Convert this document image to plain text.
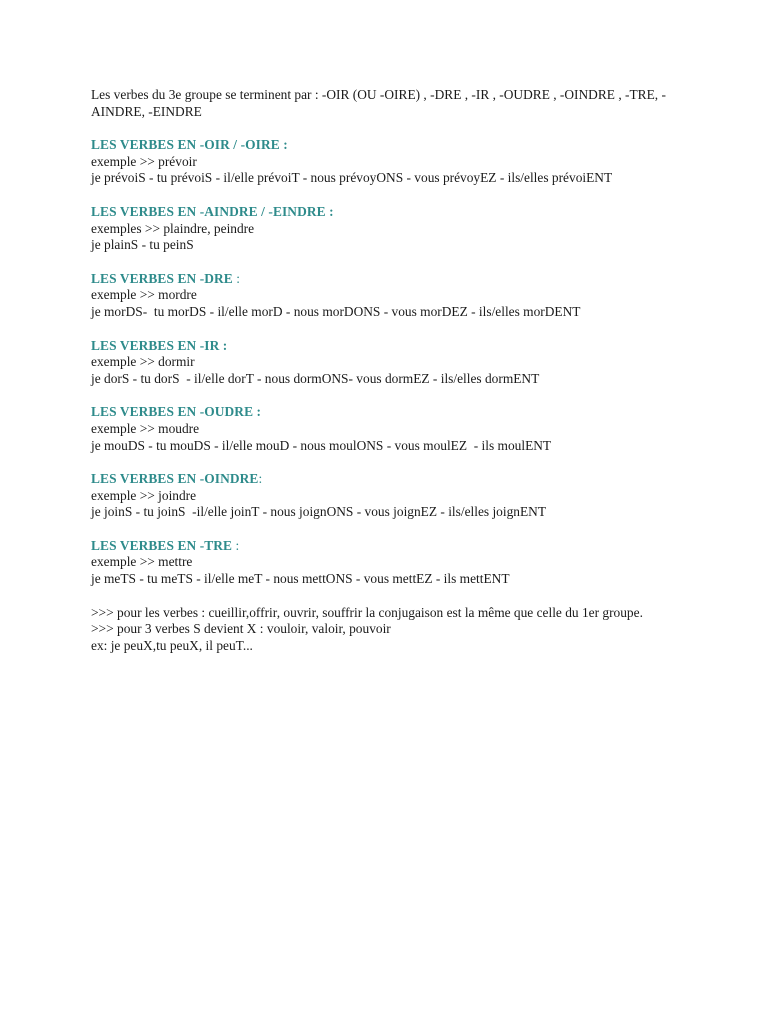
Les verbes du 3e groupe se terminent par : -OIR (OU -OIRE) , -DRE , -IR , -OUDRE , -OINDRE , -TRE, -AINDRE, -EINDRE

LES VERBES EN -OIR / -OIRE :
exemple >> prévoir
je prévoiS - tu prévoiS - il/elle prévoiT - nous prévoyONS - vous prévoyEZ - ils/elles prévoiENT
LES VERBES EN -AINDRE / -EINDRE :
exemples >> plaindre, peindre
je plainS - tu peinS
LES VERBES EN -DRE :
exemple >> mordre
je morDS-  tu morDS - il/elle morD - nous morDONS - vous morDEZ - ils/elles morDENT
LES VERBES EN -IR :
exemple >> dormir
je dorS - tu dorS  - il/elle dorT - nous dormONS- vous dormEZ - ils/elles dormENT
LES VERBES EN -OUDRE :
exemple >> moudre
je mouDS - tu mouDS - il/elle mouD - nous moulONS - vous moulEZ  - ils moulENT
LES VERBES EN -OINDRE:
exemple >> joindre
je joinS - tu joinS  -il/elle joinT - nous joignONS - vous joignEZ - ils/elles joignENT
LES VERBES EN -TRE :
exemple >> mettre
je meTS - tu meTS - il/elle meT - nous mettONS - vous mettEZ - ils mettENT
>>> pour les verbes : cueillir,offrir, ouvrir, souffrir la conjugaison est la même que celle du 1er groupe.
>>> pour 3 verbes S devient X : vouloir, valoir, pouvoir
ex: je peuX,tu peuX, il peuT...
